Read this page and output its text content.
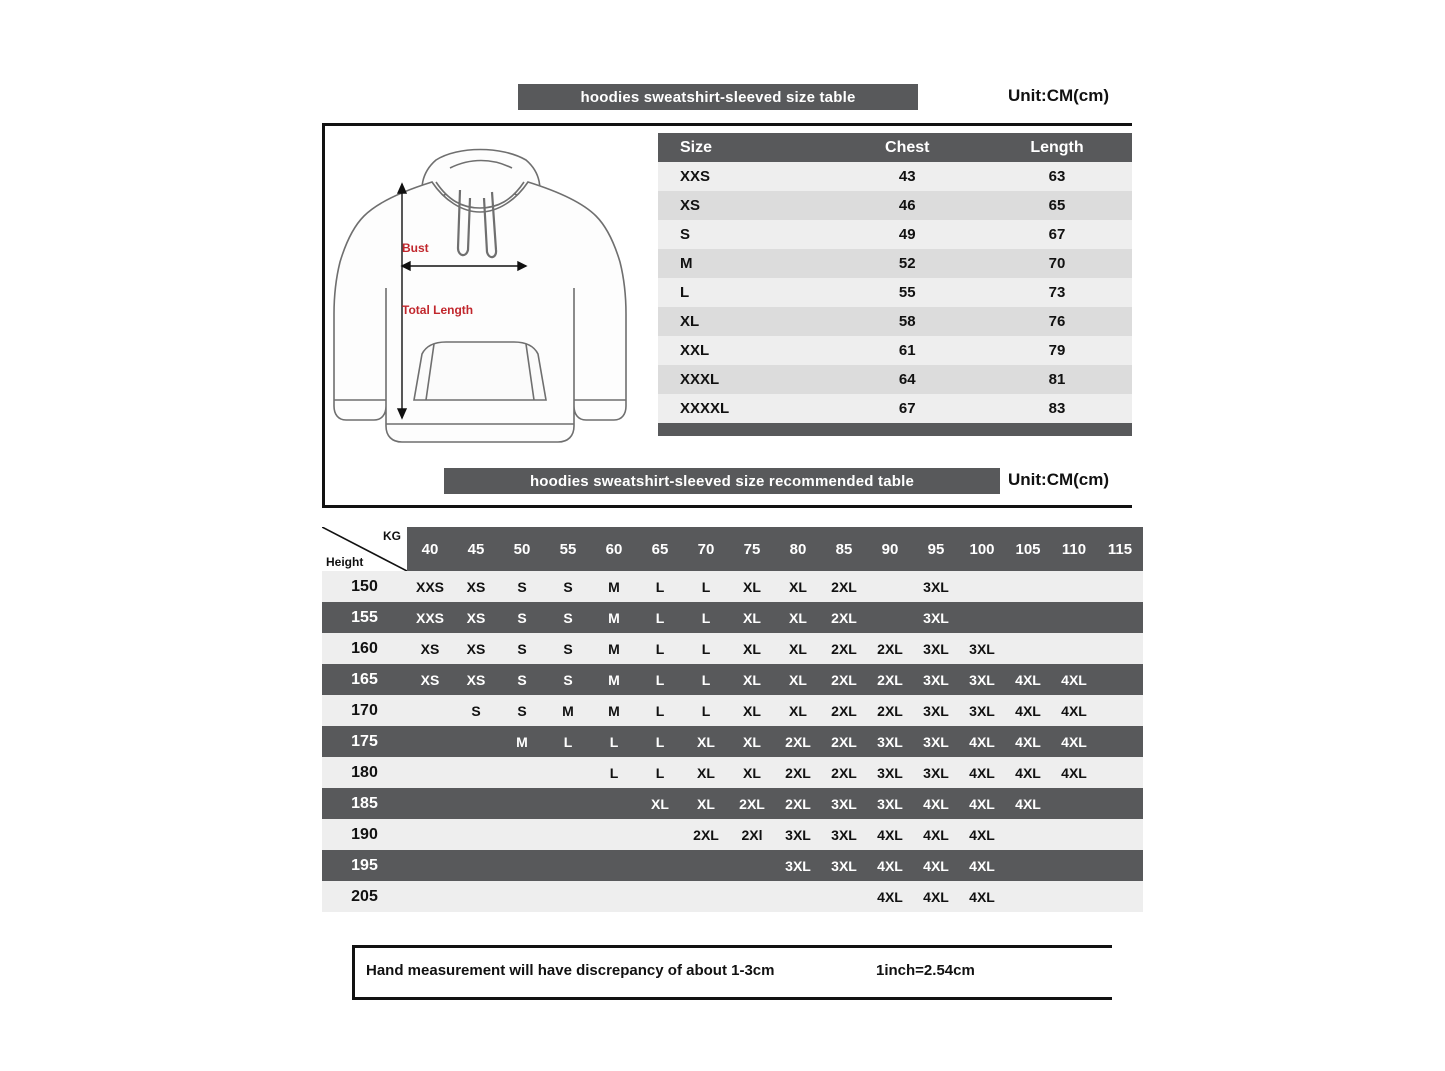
hoodies sweatshirt-sleeved size table	Unit:CM(cm)
Bust
Total Length
Size	Chest	Length
XXS	43	63
XS	46	65
S	49	67
M	52	70
L	55	73
XL	58	76
XXL	61	79
XXXL	64	81
XXXXL	67	83

hoodies sweatshirt-sleeved size recommended table	Unit:CM(cm)
KG
Height	40	45	50	55	60	65	70	75	80	85	90	95	100	105	110	115
150	XXS	XS	S	S	M	L	L	XL	XL	2XL		3XL				
155	XXS	XS	S	S	M	L	L	XL	XL	2XL		3XL				
160	XS	XS	S	S	M	L	L	XL	XL	2XL	2XL	3XL	3XL			
165	XS	XS	S	S	M	L	L	XL	XL	2XL	2XL	3XL	3XL	4XL	4XL	
170		S	S	M	M	L	L	XL	XL	2XL	2XL	3XL	3XL	4XL	4XL	
175			M	L	L	L	XL	XL	2XL	2XL	3XL	3XL	4XL	4XL	4XL	
180					L	L	XL	XL	2XL	2XL	3XL	3XL	4XL	4XL	4XL	
185						XL	XL	2XL	2XL	3XL	3XL	4XL	4XL	4XL		
190							2XL	2Xl	3XL	3XL	4XL	4XL	4XL			
195									3XL	3XL	4XL	4XL	4XL			
205											4XL	4XL	4XL			
Hand measurement will have discrepancy of about 1-3cm	1inch=2.54cm
